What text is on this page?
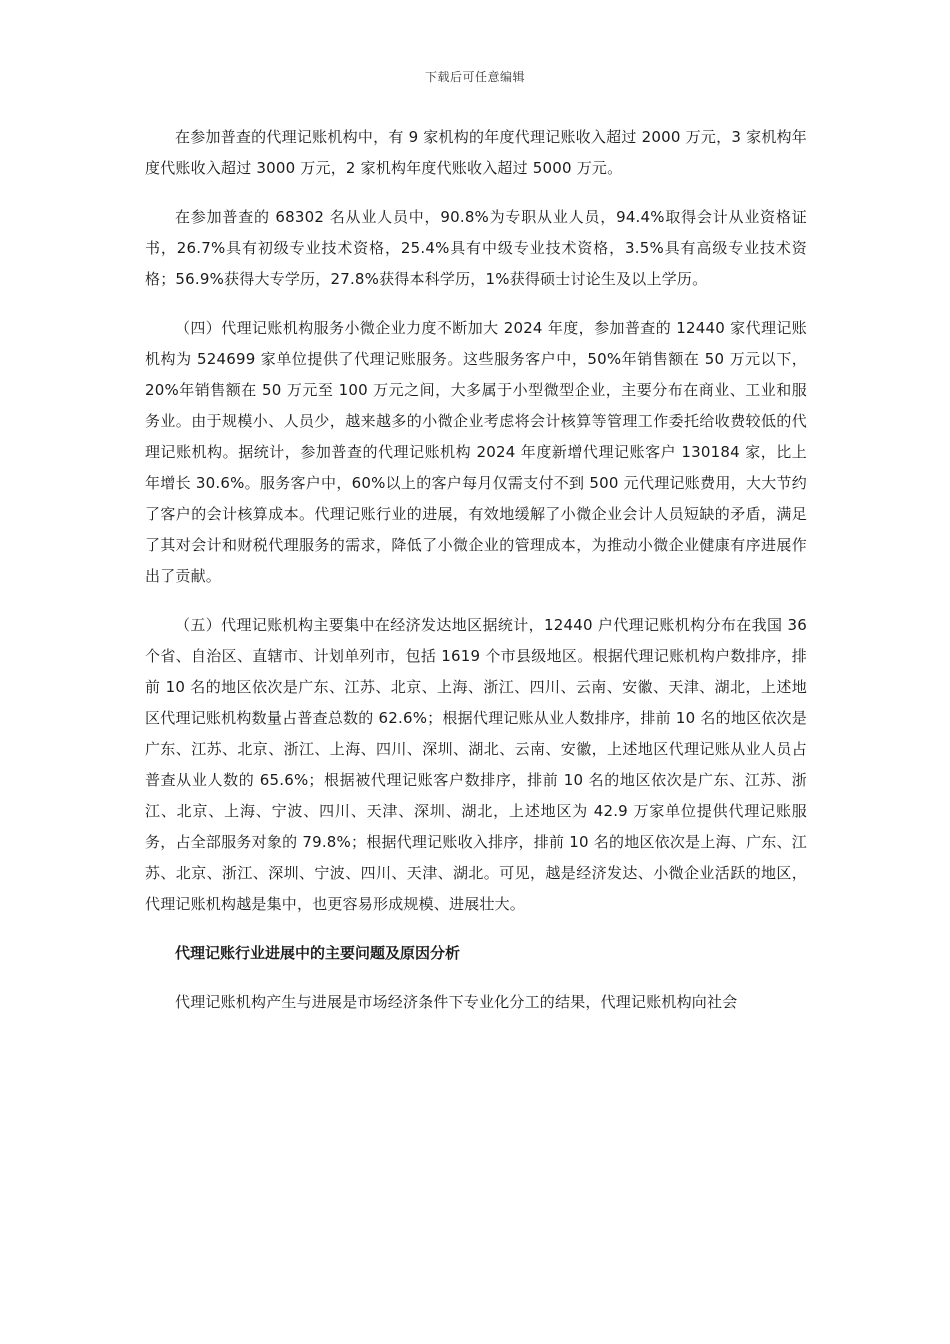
下载后可任意编辑

在参加普查的代理记账机构中，有 9 家机构的年度代理记账收入超过 2000 万元，3 家机构年度代账收入超过 3000 万元，2 家机构年度代账收入超过 5000 万元。

在参加普查的 68302 名从业人员中，90.8%为专职从业人员，94.4%取得会计从业资格证书，26.7%具有初级专业技术资格，25.4%具有中级专业技术资格，3.5%具有高级专业技术资格；56.9%获得大专学历，27.8%获得本科学历，1%获得硕士讨论生及以上学历。

（四）代理记账机构服务小微企业力度不断加大 2024 年度，参加普查的 12440 家代理记账机构为 524699 家单位提供了代理记账服务。这些服务客户中，50%年销售额在 50 万元以下，20%年销售额在 50 万元至 100 万元之间，大多属于小型微型企业，主要分布在商业、工业和服务业。由于规模小、人员少，越来越多的小微企业考虑将会计核算等管理工作委托给收费较低的代理记账机构。据统计，参加普查的代理记账机构 2024 年度新增代理记账客户 130184 家，比上年增长 30.6%。服务客户中，60%以上的客户每月仅需支付不到 500 元代理记账费用，大大节约了客户的会计核算成本。代理记账行业的进展，有效地缓解了小微企业会计人员短缺的矛盾，满足了其对会计和财税代理服务的需求，降低了小微企业的管理成本，为推动小微企业健康有序进展作出了贡献。

（五）代理记账机构主要集中在经济发达地区据统计，12440 户代理记账机构分布在我国 36 个省、自治区、直辖市、计划单列市，包括 1619 个市县级地区。根据代理记账机构户数排序，排前 10 名的地区依次是广东、江苏、北京、上海、浙江、四川、云南、安徽、天津、湖北，上述地区代理记账机构数量占普查总数的 62.6%；根据代理记账从业人数排序，排前 10 名的地区依次是广东、江苏、北京、浙江、上海、四川、深圳、湖北、云南、安徽，上述地区代理记账从业人员占普查从业人数的 65.6%；根据被代理记账客户数排序，排前 10 名的地区依次是广东、江苏、浙江、北京、上海、宁波、四川、天津、深圳、湖北，上述地区为 42.9 万家单位提供代理记账服务，占全部服务对象的 79.8%；根据代理记账收入排序，排前 10 名的地区依次是上海、广东、江苏、北京、浙江、深圳、宁波、四川、天津、湖北。可见，越是经济发达、小微企业活跃的地区，代理记账机构越是集中，也更容易形成规模、进展壮大。

代理记账行业进展中的主要问题及原因分析

代理记账机构产生与进展是市场经济条件下专业化分工的结果，代理记账机构向社会
